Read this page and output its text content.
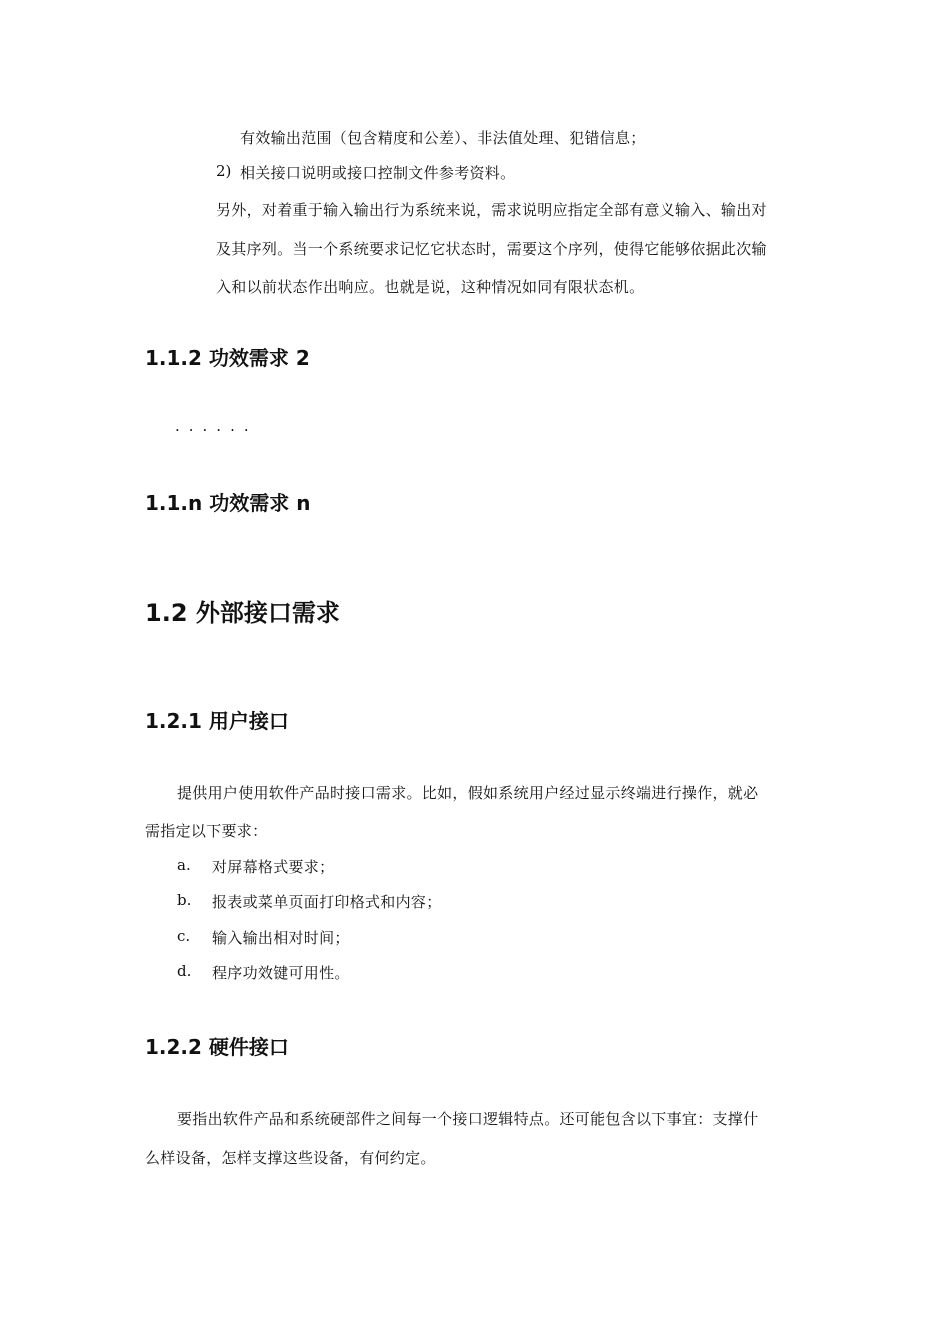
有效输出范围（包含精度和公差）、非法值处理、犯错信息；
2) 相关接口说明或接口控制文件参考资料。
另外，对着重于输入输出行为系统来说，需求说明应指定全部有意义输入、输出对
及其序列。当一个系统要求记忆它状态时，需要这个序列，使得它能够依据此次输
入和以前状态作出响应。也就是说，这种情况如同有限状态机。
1.1.2 功效需求 2
······
1.1.n 功效需求 n
1.2 外部接口需求
1.2.1 用户接口
提供用户使用软件产品时接口需求。比如，假如系统用户经过显示终端进行操作，就必
需指定以下要求：
a. 对屏幕格式要求；
b. 报表或菜单页面打印格式和内容；
c. 输入输出相对时间；
d. 程序功效键可用性。
1.2.2 硬件接口
要指出软件产品和系统硬部件之间每一个接口逻辑特点。还可能包含以下事宜：支撑什
么样设备，怎样支撑这些设备，有何约定。
